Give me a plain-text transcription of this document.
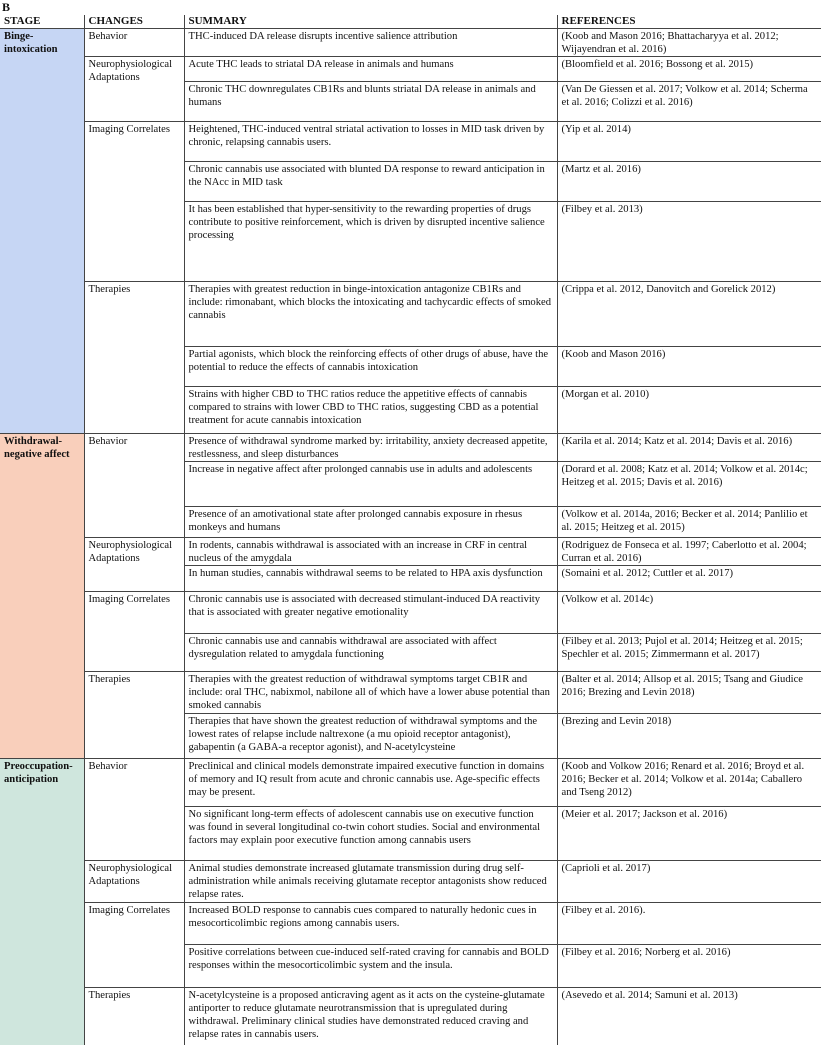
B
STAGE	CHANGES	SUMMARY	REFERENCES
Binge-intoxication	Behavior	THC-induced DA release disrupts incentive salience attribution	(Koob and Mason 2016; Bhattacharyya et al. 2012; Wijayendran et al. 2016)
	Neurophysiological Adaptations	Acute THC leads to striatal DA release in animals and humans	(Bloomfield et al. 2016; Bossong et al. 2015)
		Chronic THC downregulates CB1Rs and blunts striatal DA release in animals and humans	(Van De Giessen et al. 2017; Volkow et al. 2014; Scherma et al. 2016; Colizzi et al. 2016)
	Imaging Correlates	Heightened, THC-induced ventral striatal activation to losses in MID task driven by chronic, relapsing cannabis users.	(Yip et al. 2014)
		Chronic cannabis use associated with blunted DA response to reward anticipation in the NAcc in MID task	(Martz et al. 2016)
		It has been established that hyper-sensitivity to the rewarding properties of drugs contribute to positive reinforcement, which is driven by disrupted incentive salience processing	(Filbey et al. 2013)
	Therapies	Therapies with greatest reduction in binge-intoxication antagonize CB1Rs and include: rimonabant, which blocks the intoxicating and tachycardic effects of smoked cannabis	(Crippa et al. 2012, Danovitch and Gorelick 2012)
		Partial agonists, which block the reinforcing effects of other drugs of abuse, have the potential to reduce the effects of cannabis intoxication	(Koob and Mason 2016)
		Strains with higher CBD to THC ratios reduce the appetitive effects of cannabis compared to strains with lower CBD to THC ratios, suggesting CBD as a potential treatment for acute cannabis intoxication	(Morgan et al. 2010)
Withdrawal-negative affect	Behavior	Presence of withdrawal syndrome marked by: irritability, anxiety decreased appetite, restlessness, and sleep disturbances	(Karila et al. 2014; Katz et al. 2014; Davis et al. 2016)
		Increase in negative affect after prolonged cannabis use in adults and adolescents	(Dorard et al. 2008; Katz et al. 2014; Volkow et al. 2014c; Heitzeg et al. 2015; Davis et al. 2016)
		Presence of an amotivational state after prolonged cannabis exposure in rhesus monkeys and humans	(Volkow et al. 2014a, 2016; Becker et al. 2014; Panlilio et al. 2015; Heitzeg et al. 2015)
	Neurophysiological Adaptations	In rodents, cannabis withdrawal is associated with an increase in CRF in central nucleus of the amygdala	(Rodriguez de Fonseca et al. 1997; Caberlotto et al. 2004; Curran et al. 2016)
		In human studies, cannabis withdrawal seems to be related to HPA axis dysfunction	(Somaini et al. 2012; Cuttler et al. 2017)
	Imaging Correlates	Chronic cannabis use is associated with decreased stimulant-induced DA reactivity that is associated with greater negative emotionality	(Volkow et al. 2014c)
		Chronic cannabis use and cannabis withdrawal are associated with affect dysregulation related to amygdala functioning	(Filbey et al. 2013; Pujol et al. 2014; Heitzeg et al. 2015; Spechler et al. 2015; Zimmermann et al. 2017)
	Therapies	Therapies with the greatest reduction of withdrawal symptoms target CB1R and include: oral THC, nabixmol, nabilone all of which have a lower abuse potential than smoked cannabis	(Balter et al. 2014; Allsop et al. 2015; Tsang and Giudice 2016; Brezing and Levin 2018)
		Therapies that have shown the greatest reduction of withdrawal symptoms and the lowest rates of relapse include naltrexone (a mu opioid receptor antagonist), gabapentin (a GABA-a receptor agonist), and N-acetylcysteine	(Brezing and Levin 2018)
Preoccupation-anticipation	Behavior	Preclinical and clinical models demonstrate impaired executive function in domains of memory and IQ result from acute and chronic cannabis use. Age-specific effects may be present.	(Koob and Volkow 2016; Renard et al. 2016; Broyd et al. 2016; Becker et al. 2014; Volkow et al. 2014a; Caballero and Tseng 2012)
		No significant long-term effects of adolescent cannabis use on executive function was found in several longitudinal co-twin cohort studies. Social and environmental factors may explain poor executive function among cannabis users	(Meier et al. 2017; Jackson et al. 2016)
	Neurophysiological Adaptations	Animal studies demonstrate increased glutamate transmission during drug self-administration while animals receiving glutamate receptor antagonists show reduced relapse rates.	(Caprioli et al. 2017)
	Imaging Correlates	Increased BOLD response to cannabis cues compared to naturally hedonic cues in mesocorticolimbic regions among cannabis users.	(Filbey et al. 2016).
		Positive correlations between cue-induced self-rated craving for cannabis and BOLD responses within the mesocorticolimbic system and the insula.	(Filbey et al. 2016; Norberg et al. 2016)
	Therapies	N-acetylcysteine is a proposed anticraving agent as it acts on the cysteine-glutamate antiporter to reduce glutamate neurotransmission that is upregulated during withdrawal. Preliminary clinical studies have demonstrated reduced craving and relapse rates in cannabis users.	(Asevedo et al. 2014; Samuni et al. 2013)
